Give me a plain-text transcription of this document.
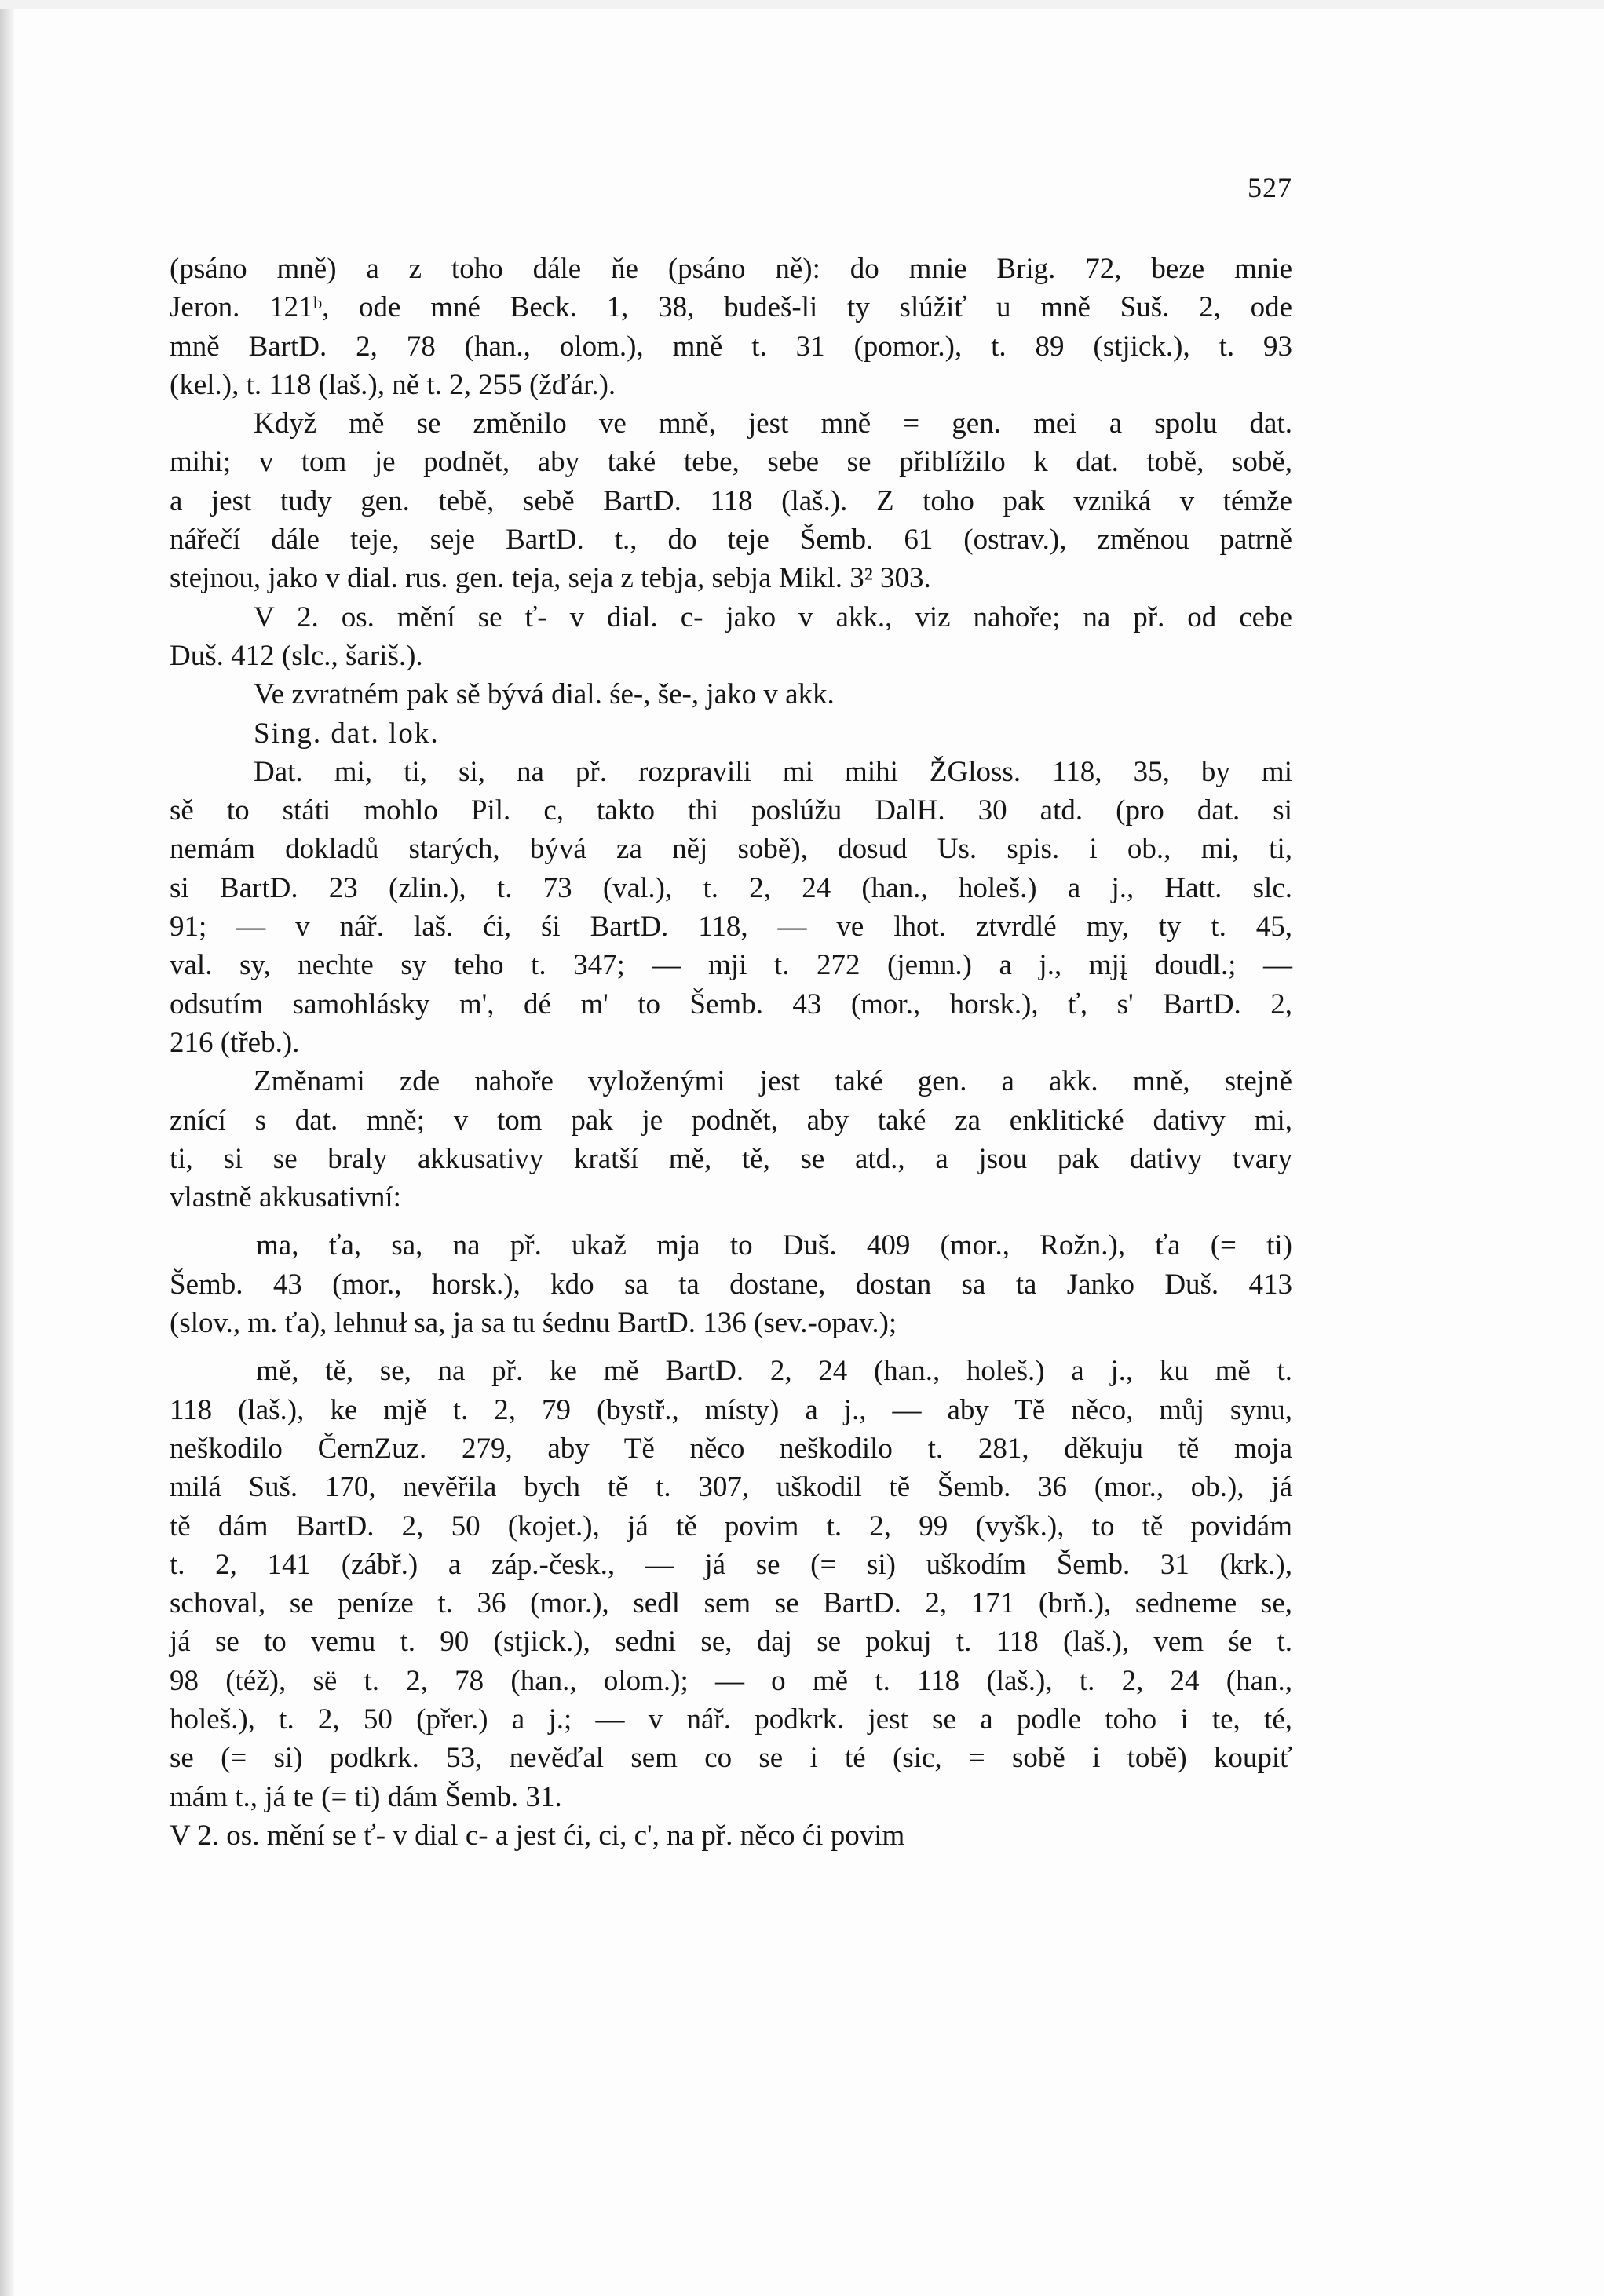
527
(psáno mně) a z toho dále ňe (psáno ně): do mnie Brig. 72, beze mnie
Jeron. 121ᵇ, ode mné Beck. 1, 38, budeš-li ty slúžiť u mně Suš. 2, ode
mně BartD. 2, 78 (han., olom.), mně t. 31 (pomor.), t. 89 (stjick.), t. 93
(kel.), t. 118 (laš.), ně t. 2, 255 (žďár.).
Když mě se změnilo ve mně, jest mně = gen. mei a spolu dat.
mihi; v tom je podnět, aby také tebe, sebe se přiblížilo k dat. tobě, sobě,
a jest tudy gen. tebě, sebě BartD. 118 (laš.). Z toho pak vzniká v témže
nářečí dále teje, seje BartD. t., do teje Šemb. 61 (ostrav.), změnou patrně
stejnou, jako v dial. rus. gen. teja, seja z tebja, sebja Mikl. 3² 303.
V 2. os. mění se ť- v dial. c- jako v akk., viz nahoře; na př. od cebe
Duš. 412 (slc., šariš.).
Ve zvratném pak sě bývá dial. śe-, še-, jako v akk.
Sing. dat. lok.
Dat. mi, ti, si, na př. rozpravili mi mihi ŽGloss. 118, 35, by mi
sě to státi mohlo Pil. c, takto thi poslúžu DalH. 30 atd. (pro dat. si
nemám dokladů starých, bývá za něj sobě), dosud Us. spis. i ob., mi, ti,
si BartD. 23 (zlin.), t. 73 (val.), t. 2, 24 (han., holeš.) a j., Hatt. slc.
91; — v nář. laš. ći, śi BartD. 118, — ve lhot. ztvrdlé my, ty t. 45,
val. sy, nechte sy teho t. 347; — mji t. 272 (jemn.) a j., mjį doudl.; —
odsutím samohlásky m', dé m' to Šemb. 43 (mor., horsk.), ť, s' BartD. 2,
216 (třeb.).
Změnami zde nahoře vyloženými jest také gen. a akk. mně, stejně
znící s dat. mně; v tom pak je podnět, aby také za enklitické dativy mi,
ti, si se braly akkusativy kratší mě, tě, se atd., a jsou pak dativy tvary
vlastně akkusativní:
ma, ťa, sa, na př. ukaž mja to Duš. 409 (mor., Rožn.), ťa (= ti)
Šemb. 43 (mor., horsk.), kdo sa ta dostane, dostan sa ta Janko Duš. 413
(slov., m. ťa), lehnuł sa, ja sa tu śednu BartD. 136 (sev.-opav.);
mě, tě, se, na př. ke mě BartD. 2, 24 (han., holeš.) a j., ku mě t.
118 (laš.), ke mjě t. 2, 79 (bystř., místy) a j., — aby Tě něco, můj synu,
neškodilo ČernZuz. 279, aby Tě něco neškodilo t. 281, děkuju tě moja
milá Suš. 170, nevěřila bych tě t. 307, uškodil tě Šemb. 36 (mor., ob.), já
tě dám BartD. 2, 50 (kojet.), já tě povim t. 2, 99 (vyšk.), to tě povidám
t. 2, 141 (zábř.) a záp.-česk., — já se (= si) uškodím Šemb. 31 (krk.),
schoval, se peníze t. 36 (mor.), sedl sem se BartD. 2, 171 (brň.), sedneme se,
já se to vemu t. 90 (stjick.), sedni se, daj se pokuj t. 118 (laš.), vem śe t.
98 (též), së t. 2, 78 (han., olom.); — o mě t. 118 (laš.), t. 2, 24 (han.,
holeš.), t. 2, 50 (přer.) a j.; — v nář. podkrk. jest se a podle toho i te, té,
se (= si) podkrk. 53, nevěďal sem co se i té (sic, = sobě i tobě) koupiť
mám t., já te (= ti) dám Šemb. 31.
V 2. os. mění se ť- v dial c- a jest ći, ci, c', na př. něco ći povim
